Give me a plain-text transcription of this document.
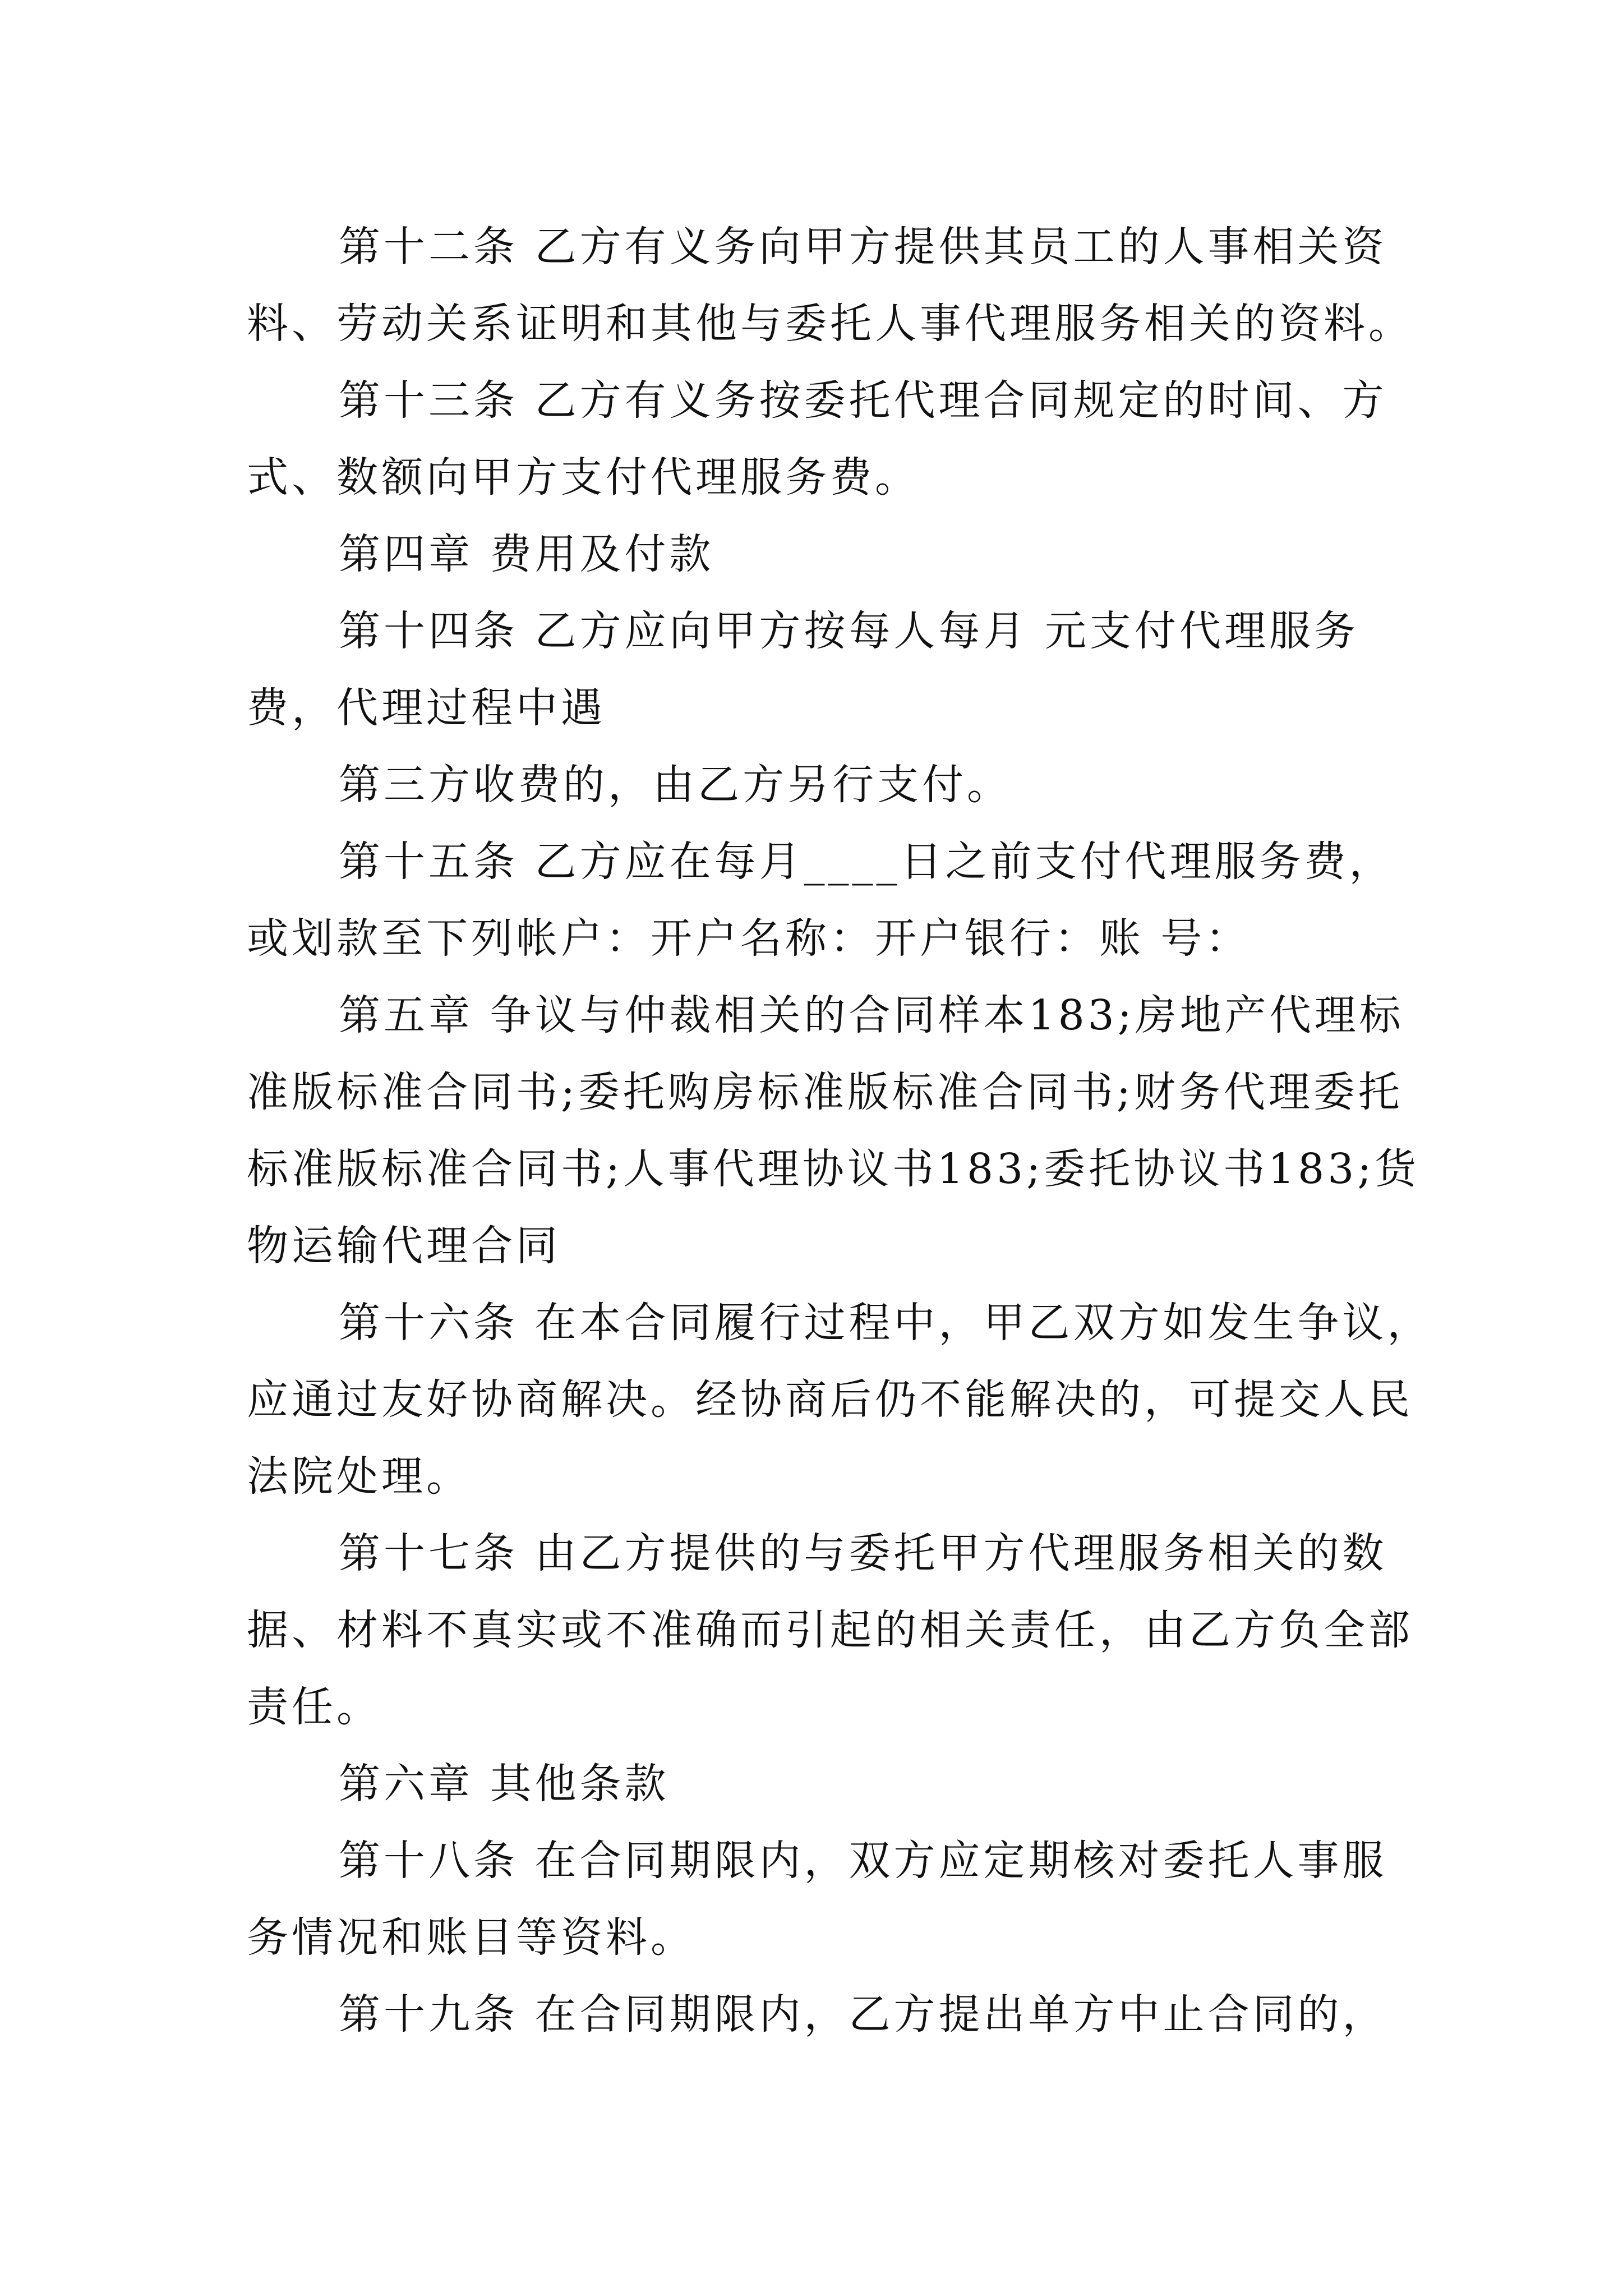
第十二条 乙方有义务向甲方提供其员工的人事相关资
料、劳动关系证明和其他与委托人事代理服务相关的资料。
第十三条 乙方有义务按委托代理合同规定的时间、方
式、数额向甲方支付代理服务费。
第四章 费用及付款
第十四条 乙方应向甲方按每人每月 元支付代理服务
费，代理过程中遇
第三方收费的，由乙方另行支付。
第十五条 乙方应在每月____日之前支付代理服务费，
或划款至下列帐户：开户名称：开户银行：账 号：
第五章 争议与仲裁相关的合同样本183;房地产代理标
准版标准合同书;委托购房标准版标准合同书;财务代理委托
标准版标准合同书;人事代理协议书183;委托协议书183;货
物运输代理合同
第十六条 在本合同履行过程中，甲乙双方如发生争议，
应通过友好协商解决。经协商后仍不能解决的，可提交人民
法院处理。
第十七条 由乙方提供的与委托甲方代理服务相关的数
据、材料不真实或不准确而引起的相关责任，由乙方负全部
责任。
第六章 其他条款
第十八条 在合同期限内，双方应定期核对委托人事服
务情况和账目等资料。
第十九条 在合同期限内，乙方提出单方中止合同的，
